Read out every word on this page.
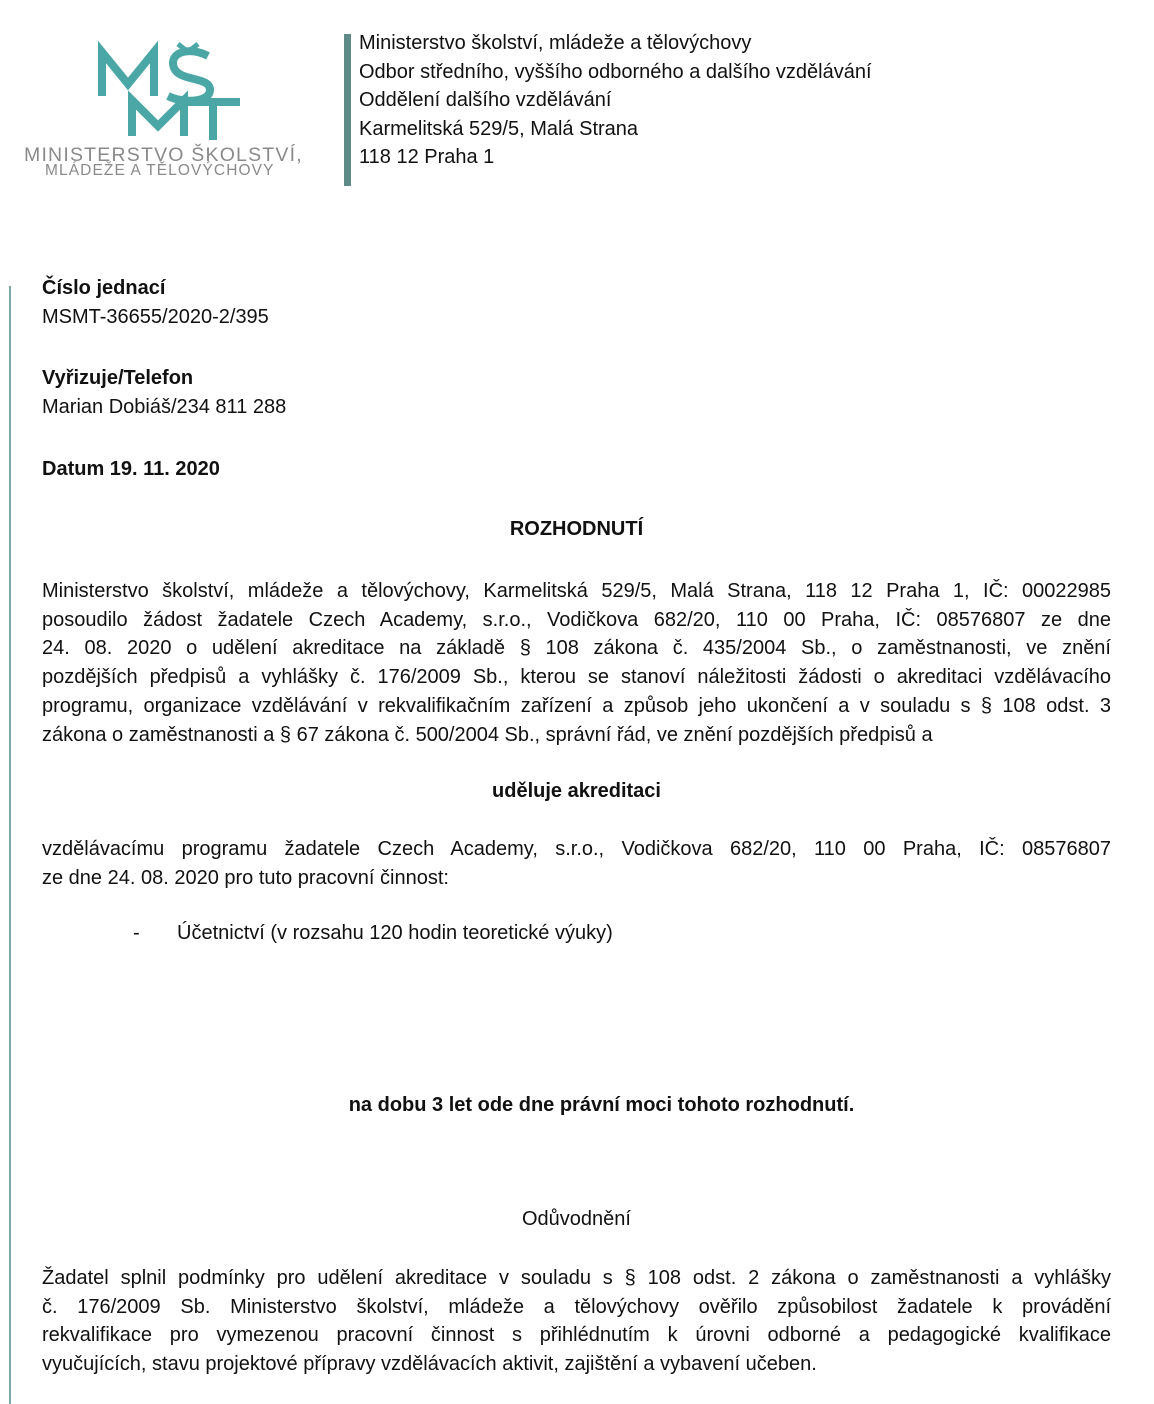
MINISTERSTVO ŠKOLSTVÍ,
MLÁDEŽE A TĚLOVÝCHOVY
Ministerstvo školství, mládeže a tělovýchovy
Odbor středního, vyššího odborného a dalšího vzdělávání
Oddělení dalšího vzdělávání
Karmelitská 529/5, Malá Strana
118 12 Praha 1
Číslo jednací
MSMT-36655/2020-2/395
Vyřizuje/Telefon
Marian Dobiáš/234 811 288
Datum 19. 11. 2020
ROZHODNUTÍ
Ministerstvo školství, mládeže a tělovýchovy, Karmelitská 529/5, Malá Strana, 118 12 Praha 1, IČ: 00022985
posoudilo žádost žadatele Czech Academy, s.r.o., Vodičkova 682/20, 110 00 Praha, IČ: 08576807 ze dne
24. 08. 2020 o udělení akreditace na základě § 108 zákona č. 435/2004 Sb., o zaměstnanosti, ve znění
pozdějších předpisů a vyhlášky č. 176/2009 Sb., kterou se stanoví náležitosti žádosti o akreditaci vzdělávacího
programu, organizace vzdělávání v rekvalifikačním zařízení a způsob jeho ukončení a v souladu s § 108 odst. 3
zákona o zaměstnanosti a § 67 zákona č. 500/2004 Sb., správní řád, ve znění pozdějších předpisů a
uděluje akreditaci
vzdělávacímu programu žadatele Czech Academy, s.r.o., Vodičkova 682/20, 110 00 Praha, IČ: 08576807
ze dne 24. 08. 2020 pro tuto pracovní činnost:
- Účetnictví (v rozsahu 120 hodin teoretické výuky)
na dobu 3 let ode dne právní moci tohoto rozhodnutí.
Odůvodnění
Žadatel splnil podmínky pro udělení akreditace v souladu s § 108 odst. 2 zákona o zaměstnanosti a vyhlášky
č. 176/2009 Sb. Ministerstvo školství, mládeže a tělovýchovy ověřilo způsobilost žadatele k provádění
rekvalifikace pro vymezenou pracovní činnost s přihlédnutím k úrovni odborné a pedagogické kvalifikace
vyučujících, stavu projektové přípravy vzdělávacích aktivit, zajištění a vybavení učeben.
